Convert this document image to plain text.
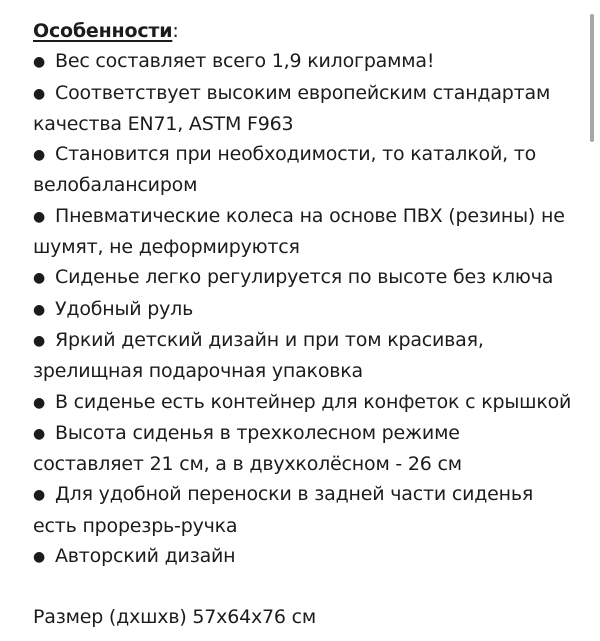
Особенности:

● Вес составляет всего 1,9 килограмма!
● Соответствует высоким европейским стандартам качества EN71, ASTM F963
● Становится при необходимости, то каталкой, то велобалансиром
● Пневматические колеса на основе ПВХ (резины) не шумят, не деформируются
● Сиденье легко регулируется по высоте без ключа
● Удобный руль
● Яркий детский дизайн и при том красивая, зрелищная подарочная упаковка
● В сиденье есть контейнер для конфеток с крышкой
● Высота сиденья в трехколесном режиме составляет 21 см, а в двухколёсном - 26 см
● Для удобной переноски в задней части сиденья есть прорезрь-ручка
● Авторский дизайн

Размер (дхшхв) 57х64х76 см
